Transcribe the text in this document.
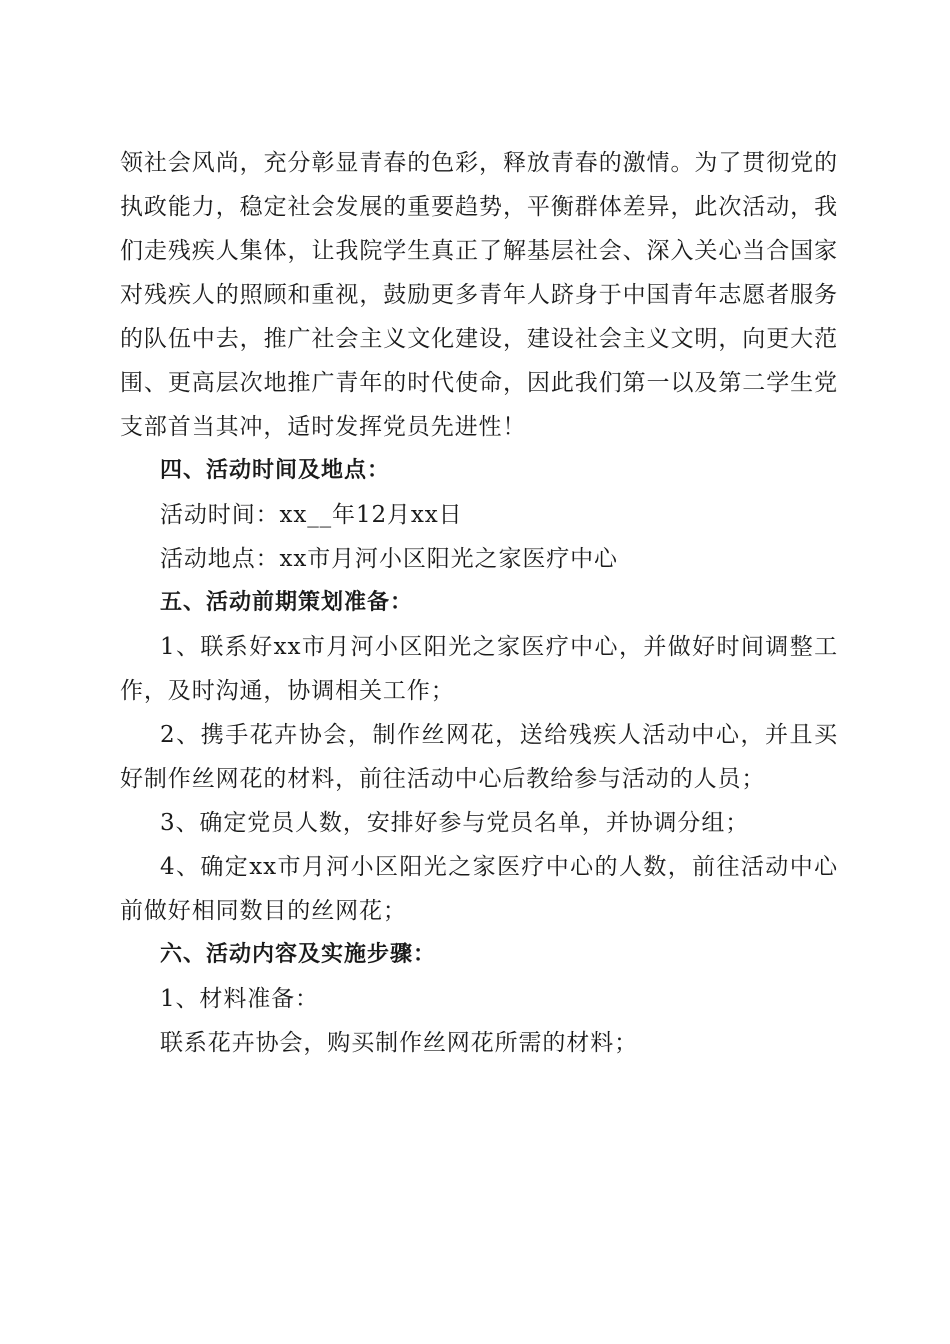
领社会风尚，充分彰显青春的色彩，释放青春的激情。为了贯彻党的执政能力，稳定社会发展的重要趋势，平衡群体差异，此次活动，我们走残疾人集体，让我院学生真正了解基层社会、深入关心当合国家对残疾人的照顾和重视，鼓励更多青年人跻身于中国青年志愿者服务的队伍中去，推广社会主义文化建设，建设社会主义文明，向更大范围、更高层次地推广青年的时代使命，因此我们第一以及第二学生党支部首当其冲，适时发挥党员先进性！

四、活动时间及地点：

活动时间：xx__年12月xx日

活动地点：xx市月河小区阳光之家医疗中心

五、活动前期策划准备：

1、联系好xx市月河小区阳光之家医疗中心，并做好时间调整工作，及时沟通，协调相关工作；

2、携手花卉协会，制作丝网花，送给残疾人活动中心，并且买好制作丝网花的材料，前往活动中心后教给参与活动的人员；

3、确定党员人数，安排好参与党员名单，并协调分组；

4、确定xx市月河小区阳光之家医疗中心的人数，前往活动中心前做好相同数目的丝网花；

六、活动内容及实施步骤：

1、材料准备：

联系花卉协会，购买制作丝网花所需的材料；
